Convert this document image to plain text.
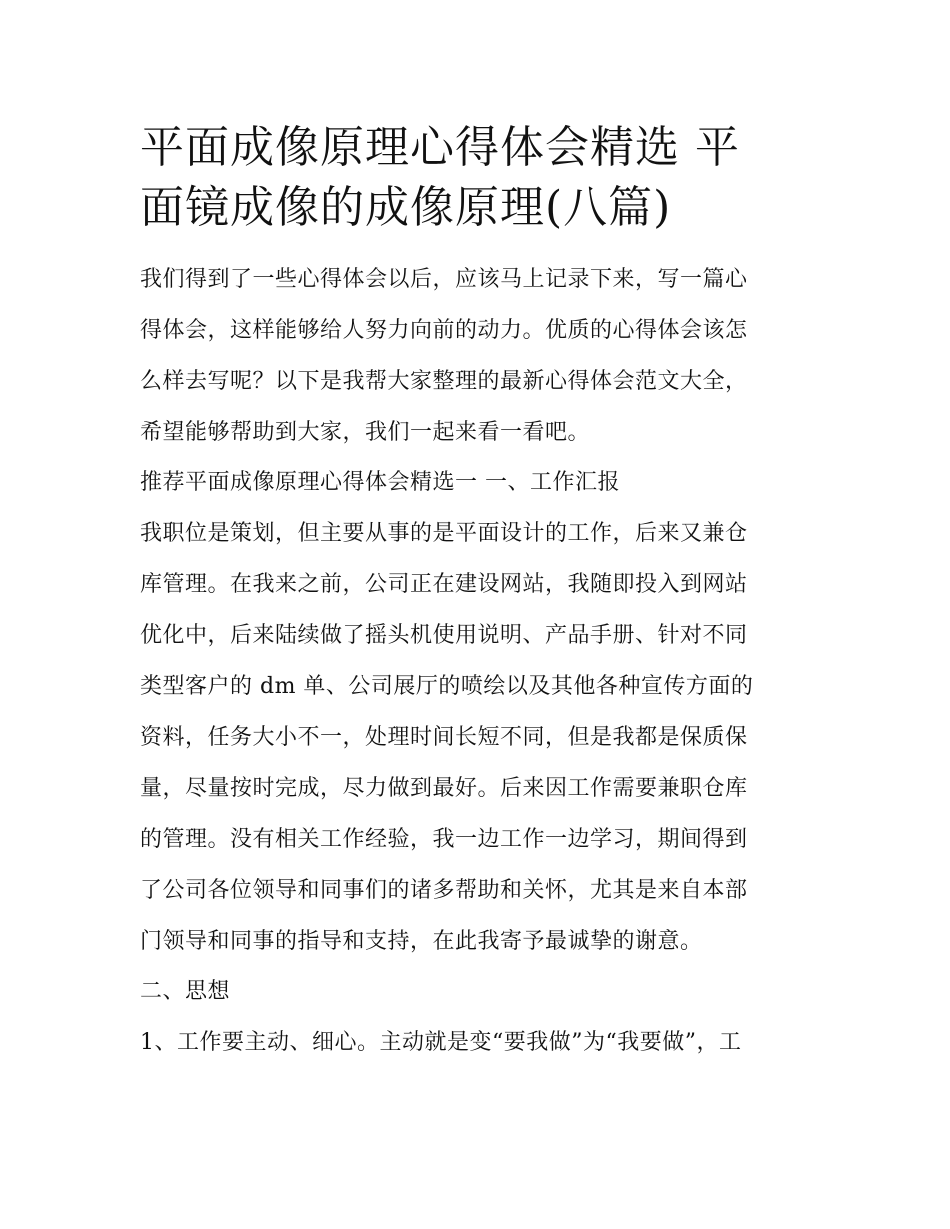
平面成像原理心得体会精选 平
面镜成像的成像原理(八篇)
我们得到了一些心得体会以后，应该马上记录下来，写一篇心
得体会，这样能够给人努力向前的动力。优质的心得体会该怎
么样去写呢？以下是我帮大家整理的最新心得体会范文大全，
希望能够帮助到大家，我们一起来看一看吧。
推荐平面成像原理心得体会精选一 一、工作汇报
我职位是策划，但主要从事的是平面设计的工作，后来又兼仓
库管理。在我来之前，公司正在建设网站，我随即投入到网站
优化中，后来陆续做了摇头机使用说明、产品手册、针对不同
类型客户的 dm 单、公司展厅的喷绘以及其他各种宣传方面的
资料，任务大小不一，处理时间长短不同，但是我都是保质保
量，尽量按时完成，尽力做到最好。后来因工作需要兼职仓库
的管理。没有相关工作经验，我一边工作一边学习，期间得到
了公司各位领导和同事们的诸多帮助和关怀，尤其是来自本部
门领导和同事的指导和支持，在此我寄予最诚挚的谢意。
二、思想
1、工作要主动、细心。主动就是变“要我做”为“我要做”，工
